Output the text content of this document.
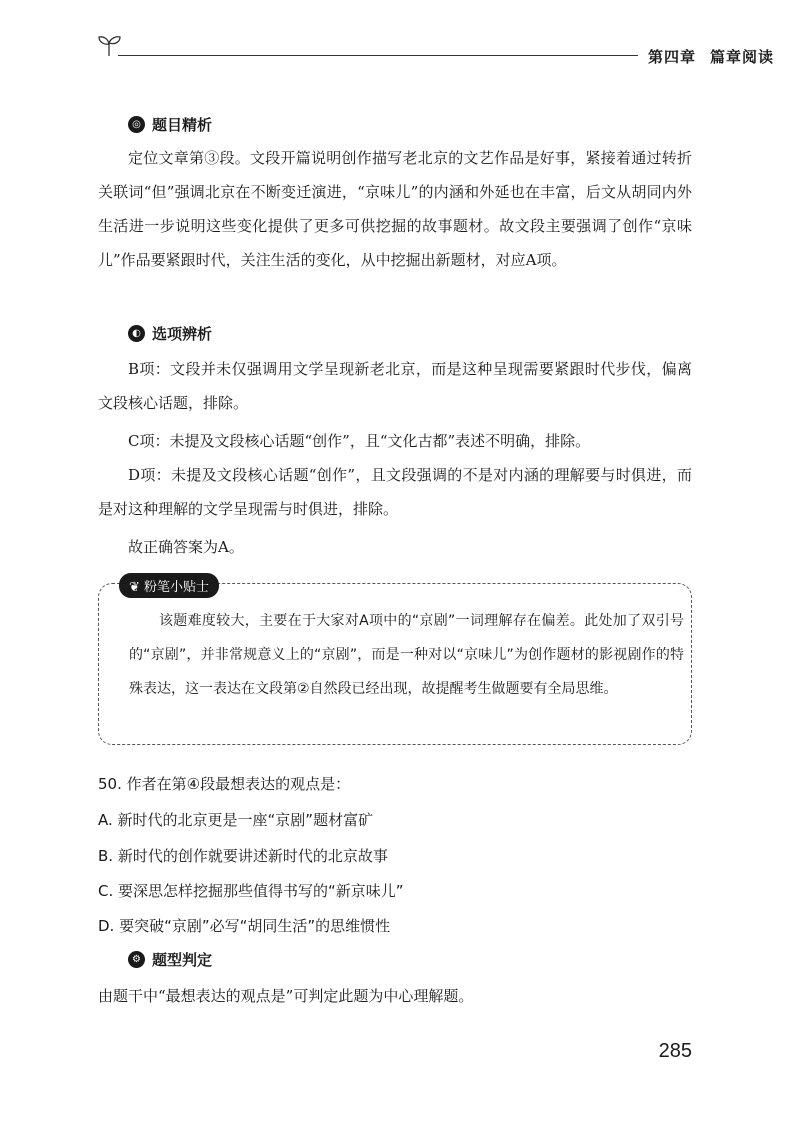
第四章 篇章阅读
◎ 题目精析
定位文章第③段。文段开篇说明创作描写老北京的文艺作品是好事，紧接着通过转折关联词“但”强调北京在不断变迁演进，“京味儿”的内涵和外延也在丰富，后文从胡同内外生活进一步说明这些变化提供了更多可供挖掘的故事题材。故文段主要强调了创作“京味儿”作品要紧跟时代，关注生活的变化，从中挖掘出新题材，对应A项。
◐ 选项辨析
B项：文段并未仅强调用文学呈现新老北京，而是这种呈现需要紧跟时代步伐，偏离文段核心话题，排除。
C项：未提及文段核心话题“创作”，且“文化古都”表述不明确，排除。
D项：未提及文段核心话题“创作”，且文段强调的不是对内涵的理解要与时俱进，而是对这种理解的文学呈现需与时俱进，排除。
故正确答案为A。
❦ 粉笔小贴士
该题难度较大，主要在于大家对A项中的“京剧”一词理解存在偏差。此处加了双引号的“京剧”，并非常规意义上的“京剧”，而是一种对以“京味儿”为创作题材的影视剧作的特殊表达，这一表达在文段第②自然段已经出现，故提醒考生做题要有全局思维。
50. 作者在第④段最想表达的观点是：
A. 新时代的北京更是一座“京剧”题材富矿
B. 新时代的创作就要讲述新时代的北京故事
C. 要深思怎样挖掘那些值得书写的“新京味儿”
D. 要突破“京剧”必写“胡同生活”的思维惯性
⚙ 题型判定
由题干中“最想表达的观点是”可判定此题为中心理解题。
285
